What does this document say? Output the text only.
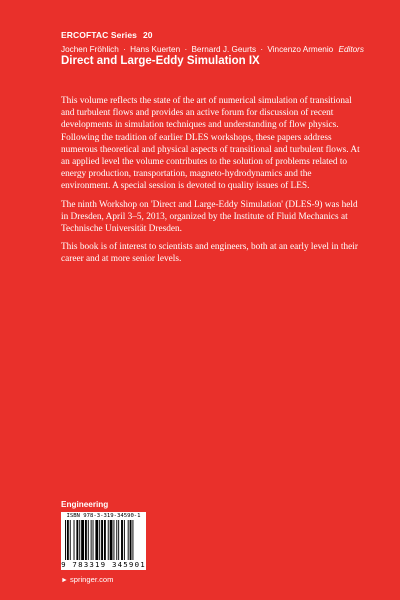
ERCOFTAC Series 20
Jochen Fröhlich · Hans Kuerten · Bernard J. Geurts · Vincenzo Armenio Editors
Direct and Large-Eddy Simulation IX

This volume reflects the state of the art of numerical simulation of transitional and turbulent flows and provides an active forum for discussion of recent developments in simulation techniques and understanding of flow physics. Following the tradition of earlier DLES workshops, these papers address numerous theoretical and physical aspects of transitional and turbulent flows. At an applied level the volume contributes to the solution of problems related to energy production, transportation, magneto-hydrodynamics and the environment. A special session is devoted to quality issues of LES.

The ninth Workshop on 'Direct and Large-Eddy Simulation' (DLES-9) was held in Dresden, April 3–5, 2013, organized by the Institute of Fluid Mechanics at Technische Universität Dresden.

This book is of interest to scientists and engineers, both at an early level in their career and at more senior levels.

Engineering
ISBN 978-3-319-34590-1
9 783319 345901
► springer.com
